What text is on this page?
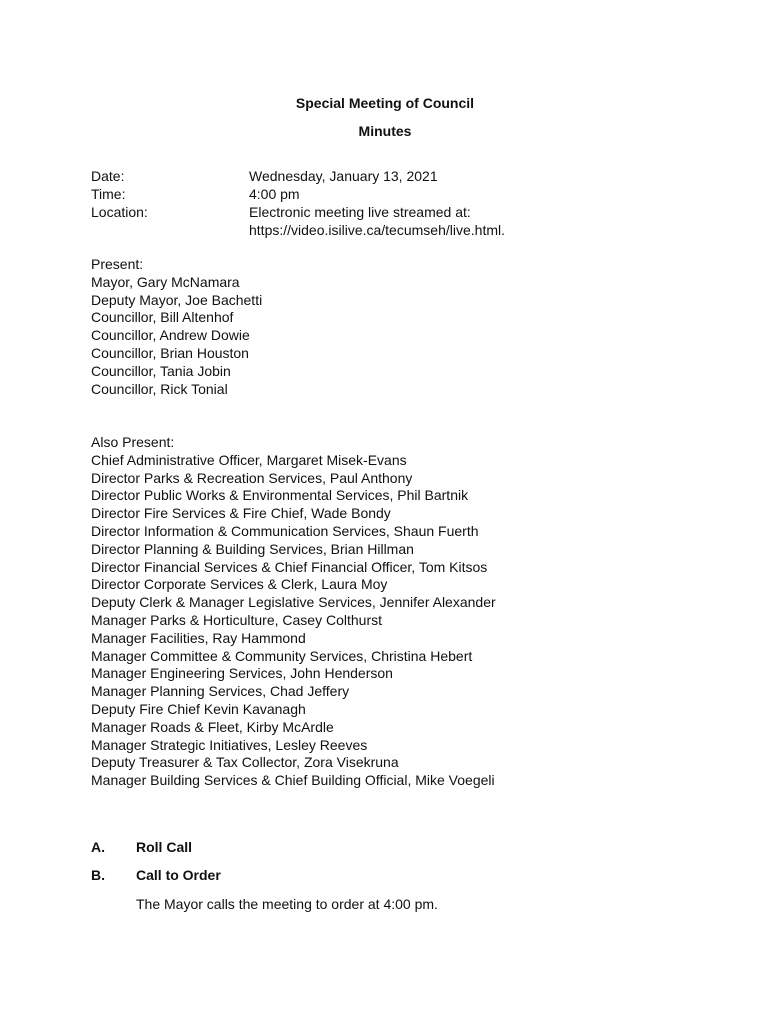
Special Meeting of Council
Minutes
Date:	Wednesday, January 13, 2021
Time:	4:00 pm
Location:	Electronic meeting live streamed at:
https://video.isilive.ca/tecumseh/live.html.
Present:
Mayor, Gary McNamara
Deputy Mayor, Joe Bachetti
Councillor, Bill Altenhof
Councillor, Andrew Dowie
Councillor, Brian Houston
Councillor, Tania Jobin
Councillor, Rick Tonial
Also Present:
Chief Administrative Officer, Margaret Misek-Evans
Director Parks & Recreation Services, Paul Anthony
Director Public Works & Environmental Services, Phil Bartnik
Director Fire Services & Fire Chief, Wade Bondy
Director Information & Communication Services, Shaun Fuerth
Director Planning & Building Services, Brian Hillman
Director Financial Services & Chief Financial Officer, Tom Kitsos
Director Corporate Services & Clerk, Laura Moy
Deputy Clerk & Manager Legislative Services, Jennifer Alexander
Manager Parks & Horticulture, Casey Colthurst
Manager Facilities, Ray Hammond
Manager Committee & Community Services, Christina Hebert
Manager Engineering Services, John Henderson
Manager Planning Services, Chad Jeffery
Deputy Fire Chief Kevin Kavanagh
Manager Roads & Fleet, Kirby McArdle
Manager Strategic Initiatives, Lesley Reeves
Deputy Treasurer & Tax Collector, Zora Visekruna
Manager Building Services & Chief Building Official, Mike Voegeli
A.	Roll Call
B.	Call to Order
The Mayor calls the meeting to order at 4:00 pm.
